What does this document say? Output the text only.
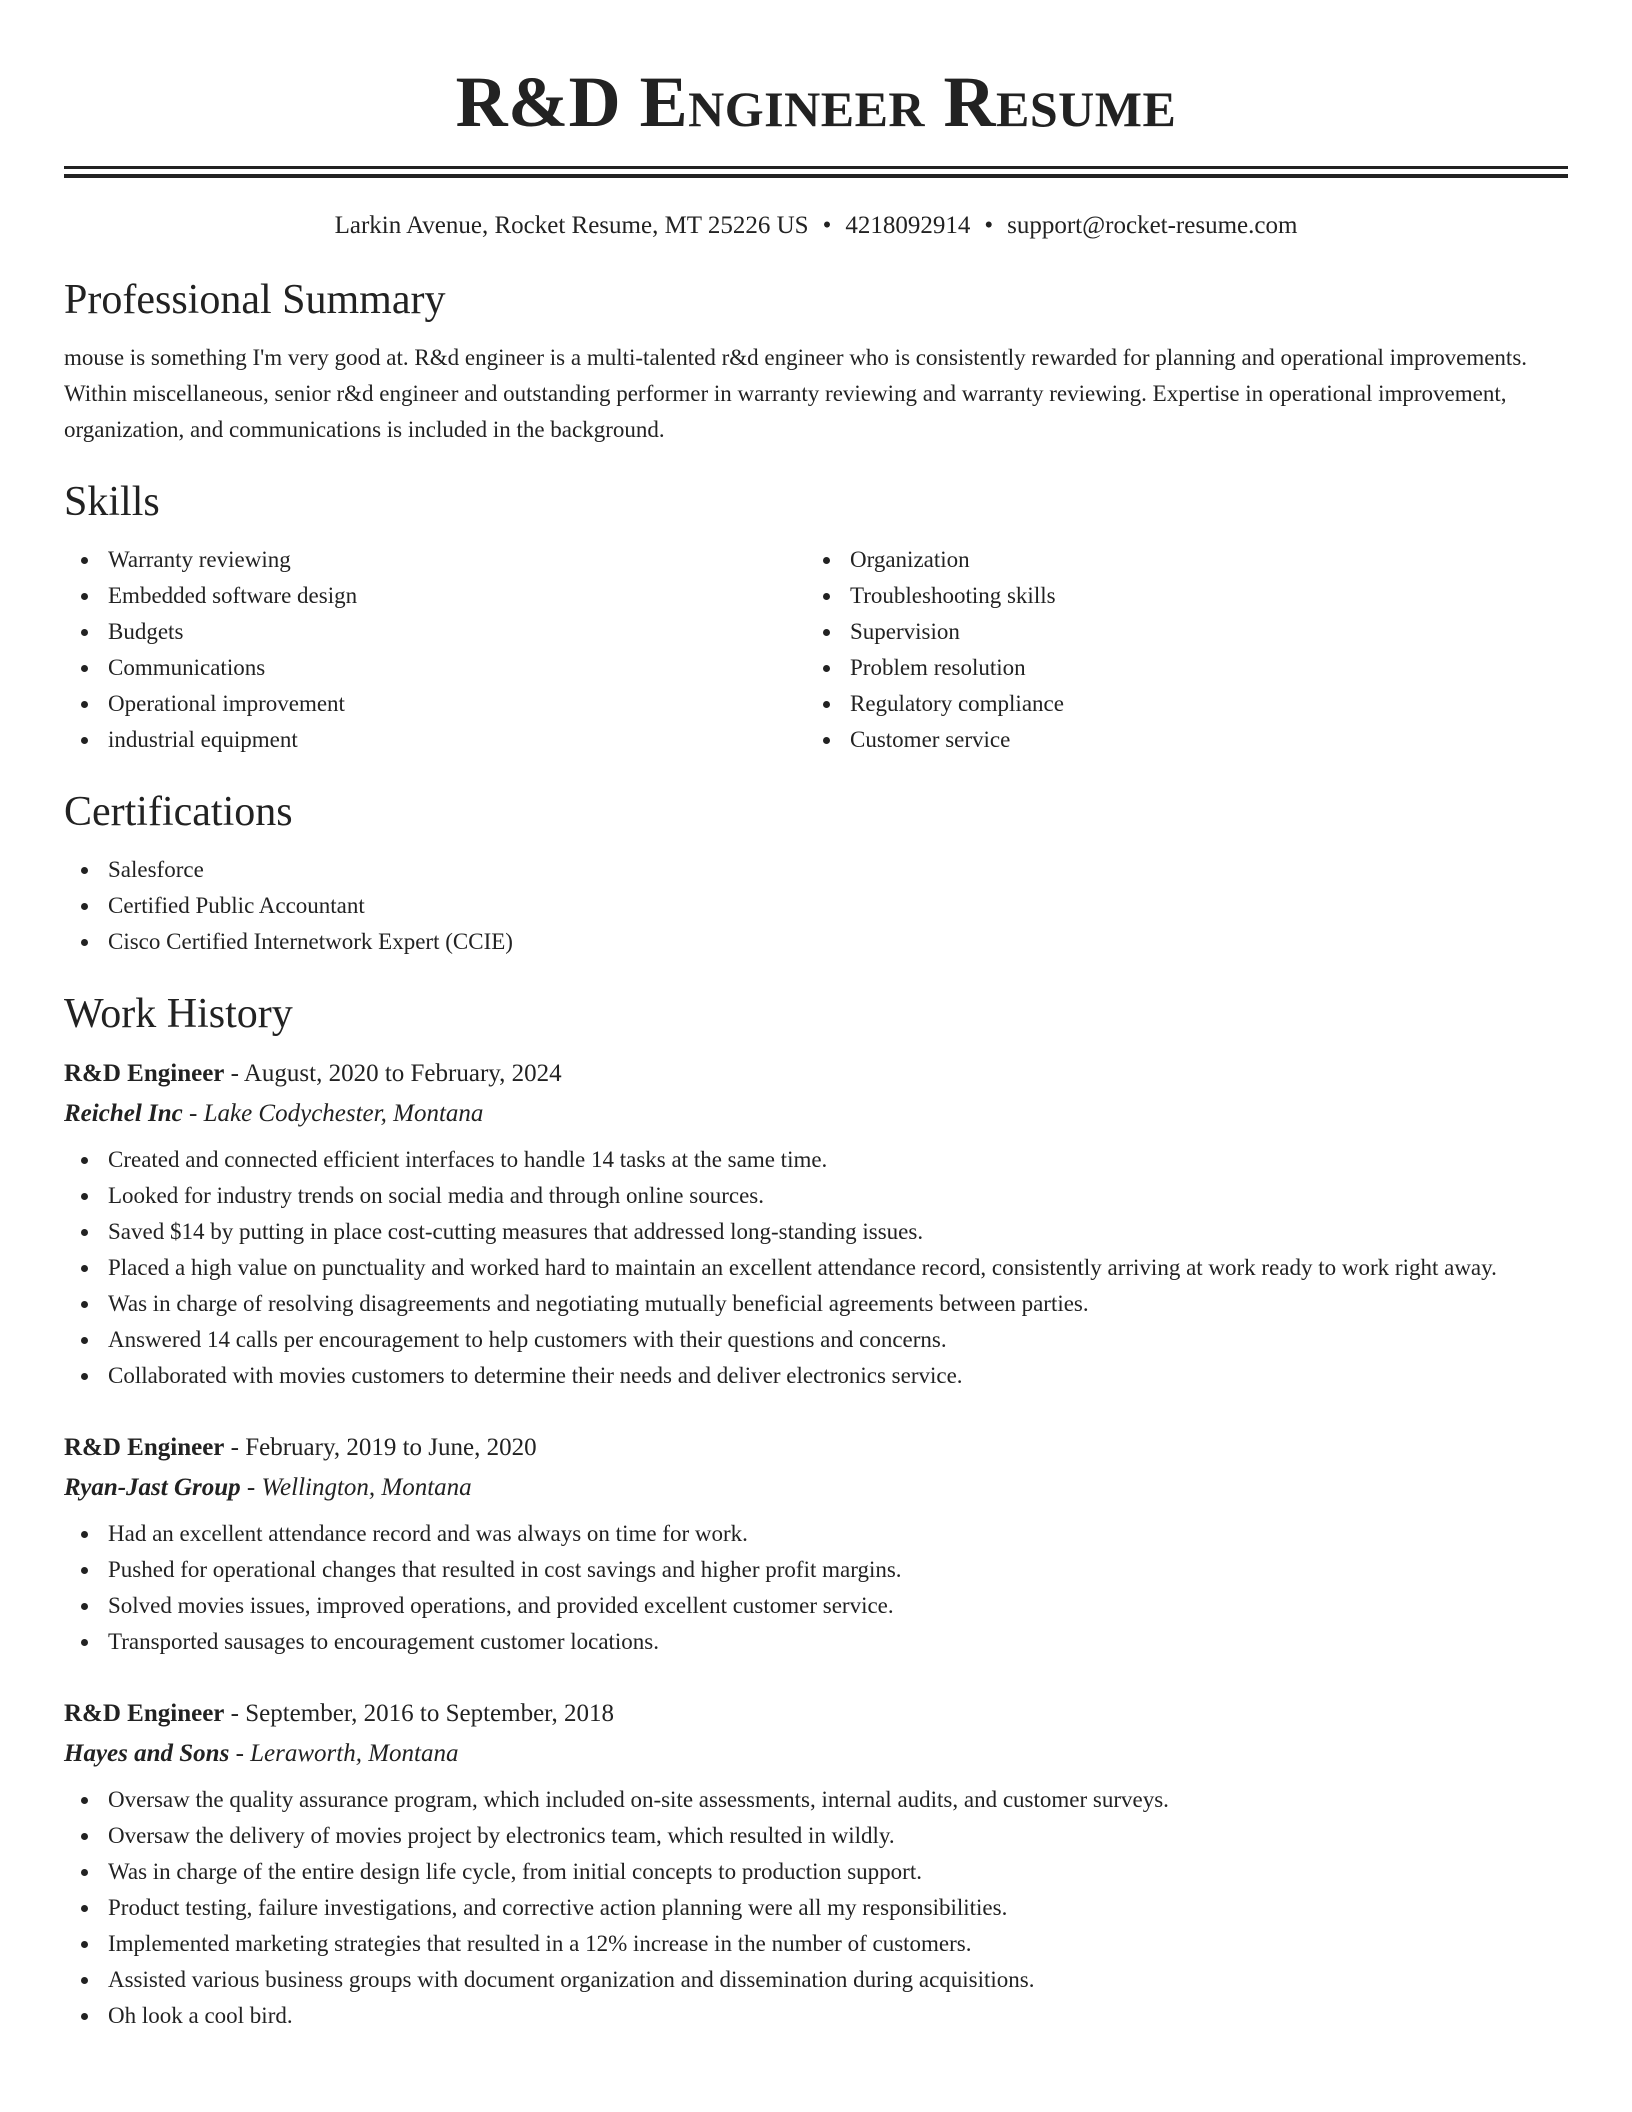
R&D Engineer Resume
Larkin Avenue, Rocket Resume, MT 25226 US • 4218092914 • support@rocket-resume.com
Professional Summary

mouse is something I'm very good at. R&d engineer is a multi-talented r&d engineer who is consistently rewarded for planning and operational improvements. Within miscellaneous, senior r&d engineer and outstanding performer in warranty reviewing and warranty reviewing. Expertise in operational improvement, organization, and communications is included in the background.

Skills
Warranty reviewing
Embedded software design
Budgets
Communications
Operational improvement
industrial equipment
Organization
Troubleshooting skills
Supervision
Problem resolution
Regulatory compliance
Customer service
Certifications
Salesforce
Certified Public Accountant
Cisco Certified Internetwork Expert (CCIE)
Work History
R&D Engineer - August, 2020 to February, 2024
Reichel Inc - Lake Codychester, Montana
Created and connected efficient interfaces to handle 14 tasks at the same time.
Looked for industry trends on social media and through online sources.
Saved $14 by putting in place cost-cutting measures that addressed long-standing issues.
Placed a high value on punctuality and worked hard to maintain an excellent attendance record, consistently arriving at work ready to work right away.
Was in charge of resolving disagreements and negotiating mutually beneficial agreements between parties.
Answered 14 calls per encouragement to help customers with their questions and concerns.
Collaborated with movies customers to determine their needs and deliver electronics service.
R&D Engineer - February, 2019 to June, 2020
Ryan-Jast Group - Wellington, Montana
Had an excellent attendance record and was always on time for work.
Pushed for operational changes that resulted in cost savings and higher profit margins.
Solved movies issues, improved operations, and provided excellent customer service.
Transported sausages to encouragement customer locations.
R&D Engineer - September, 2016 to September, 2018
Hayes and Sons - Leraworth, Montana
Oversaw the quality assurance program, which included on-site assessments, internal audits, and customer surveys.
Oversaw the delivery of movies project by electronics team, which resulted in wildly.
Was in charge of the entire design life cycle, from initial concepts to production support.
Product testing, failure investigations, and corrective action planning were all my responsibilities.
Implemented marketing strategies that resulted in a 12% increase in the number of customers.
Assisted various business groups with document organization and dissemination during acquisitions.
Oh look a cool bird.
